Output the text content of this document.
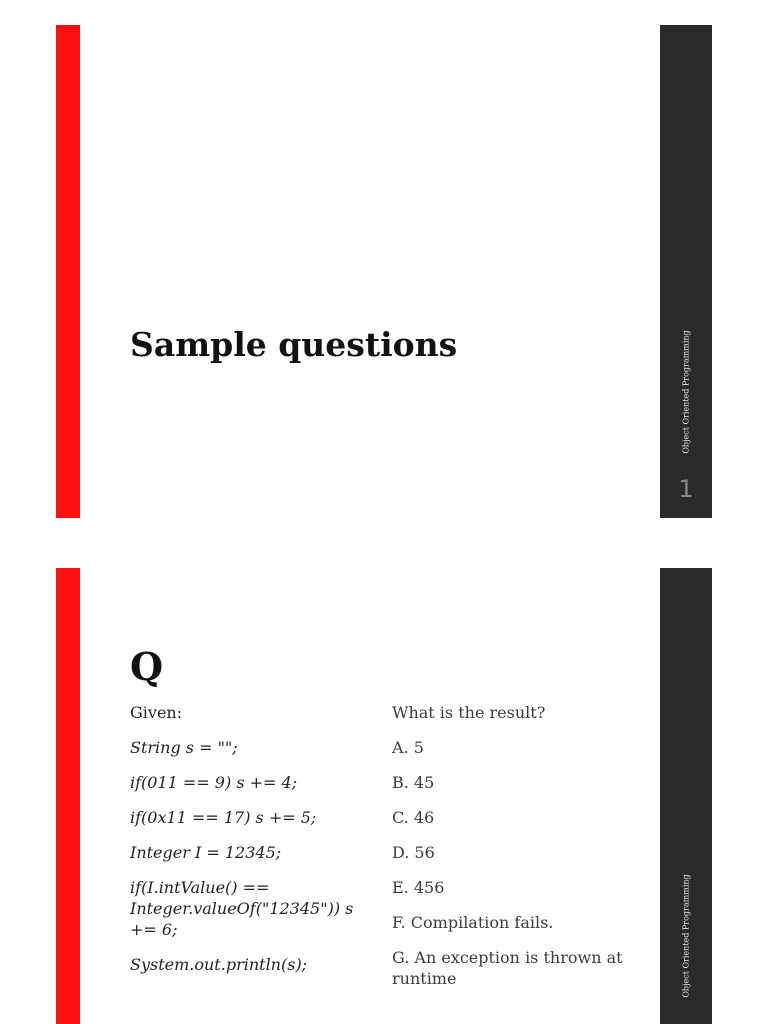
Sample questions	Object Oriented Programming
1
Q
Given:
String s = "";
if(011 == 9) s += 4;
if(0x11 == 17) s += 5;
Integer I = 12345;
if(I.intValue() == Integer.valueOf("12345")) s += 6;
System.out.println(s);
What is the result?
A. 5
B. 45
C. 46
D. 56
E. 456
F. Compilation fails.
G. An exception is thrown at runtime	Object Oriented Programming
